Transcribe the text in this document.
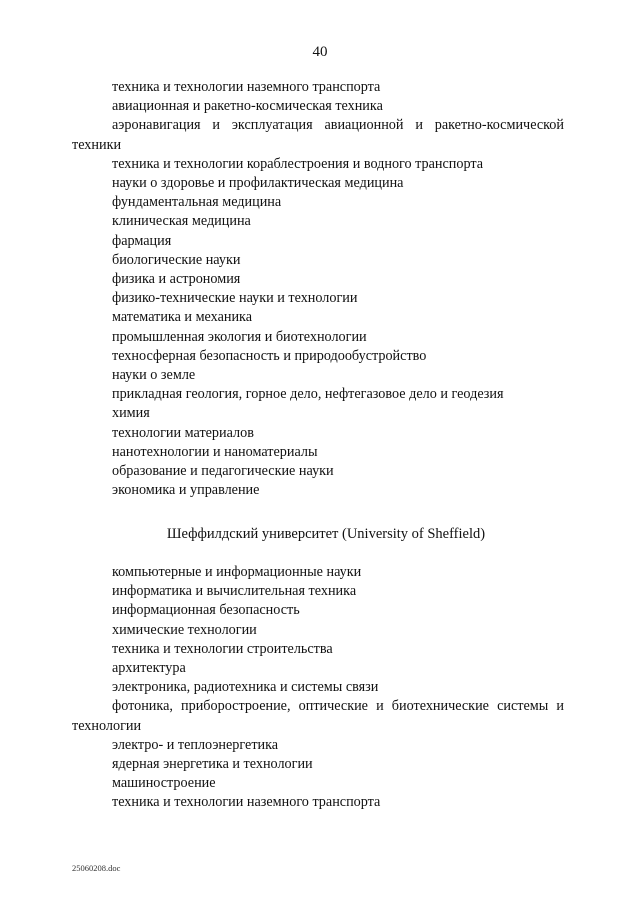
40
техника и технологии наземного транспорта
авиационная и ракетно-космическая техника
аэронавигация и эксплуатация авиационной и ракетно-космической техники
техника и технологии кораблестроения и водного транспорта
науки о здоровье и профилактическая медицина
фундаментальная медицина
клиническая медицина
фармация
биологические науки
физика и астрономия
физико-технические науки и технологии
математика и механика
промышленная экология и биотехнологии
техносферная безопасность и природообустройство
науки о земле
прикладная геология, горное дело, нефтегазовое дело и геодезия
химия
технологии материалов
нанотехнологии и наноматериалы
образование и педагогические науки
экономика и управление
Шеффилдский университет (University of Sheffield)
компьютерные и информационные науки
информатика и вычислительная техника
информационная безопасность
химические технологии
техника и технологии строительства
архитектура
электроника, радиотехника и системы связи
фотоника, приборостроение, оптические и биотехнические системы и технологии
электро- и теплоэнергетика
ядерная энергетика и технологии
машиностроение
техника и технологии наземного транспорта
25060208.doc
